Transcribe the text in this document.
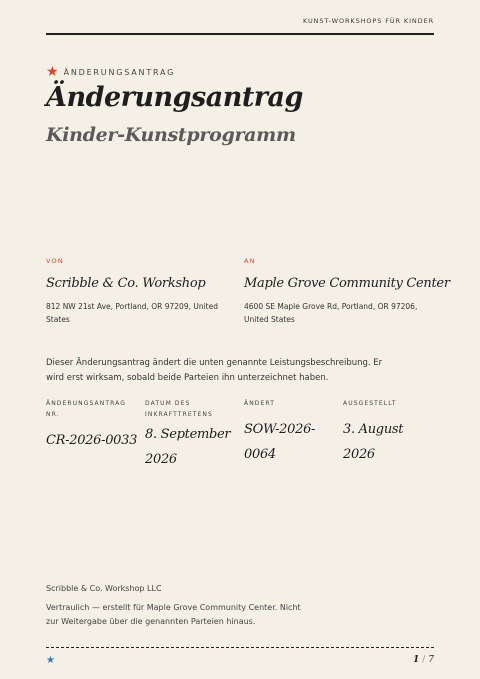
KUNST-WORKSHOPS FÜR KINDER
★ ÄNDERUNGSANTRAG
Änderungsantrag
Kinder-Kunstprogramm
VON
Scribble & Co. Workshop
812 NW 21st Ave, Portland, OR 97209, United States
AN
Maple Grove Community Center
4600 SE Maple Grove Rd, Portland, OR 97206, United States
Dieser Änderungsantrag ändert die unten genannte Leistungsbeschreibung. Er wird erst wirksam, sobald beide Parteien ihn unterzeichnet haben.
ÄNDERUNGSANTRAG NR.
CR-2026-0033
DATUM DES INKRAFTTRETENS
8. September 2026
ÄNDERT
SOW-2026-0064
AUSGESTELLT
3. August 2026
Scribble & Co. Workshop LLC
Vertraulich — erstellt für Maple Grove Community Center. Nicht zur Weitergabe über die genannten Parteien hinaus.
★	1 / 7
